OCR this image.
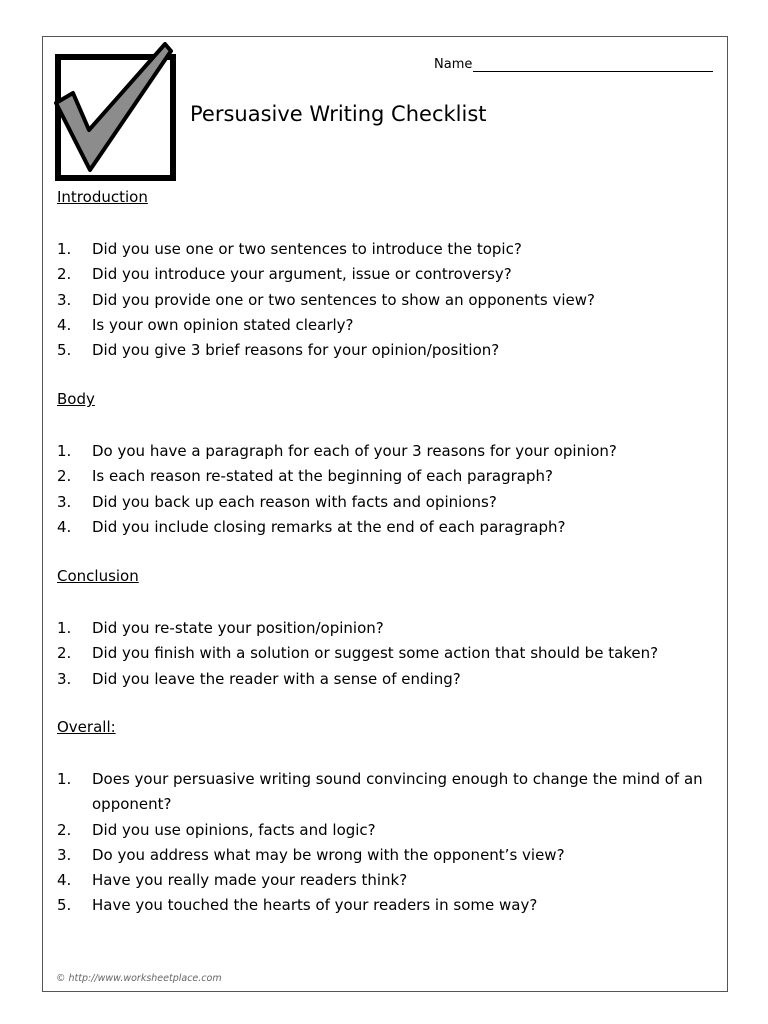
Name
Persuasive Writing Checklist
Introduction
1. Did you use one or two sentences to introduce the topic?
2. Did you introduce your argument, issue or controversy?
3. Did you provide one or two sentences to show an opponents view?
4. Is your own opinion stated clearly?
5. Did you give 3 brief reasons for your opinion/position?
Body
1. Do you have a paragraph for each of your 3 reasons for your opinion?
2. Is each reason re-stated at the beginning of each paragraph?
3. Did you back up each reason with facts and opinions?
4. Did you include closing remarks at the end of each paragraph?
Conclusion
1. Did you re-state your position/opinion?
2. Did you finish with a solution or suggest some action that should be taken?
3. Did you leave the reader with a sense of ending?
Overall:
1. Does your persuasive writing sound convincing enough to change the mind of an opponent?
2. Did you use opinions, facts and logic?
3. Do you address what may be wrong with the opponent’s view?
4. Have you really made your readers think?
5. Have you touched the hearts of your readers in some way?
© http://www.worksheetplace.com
